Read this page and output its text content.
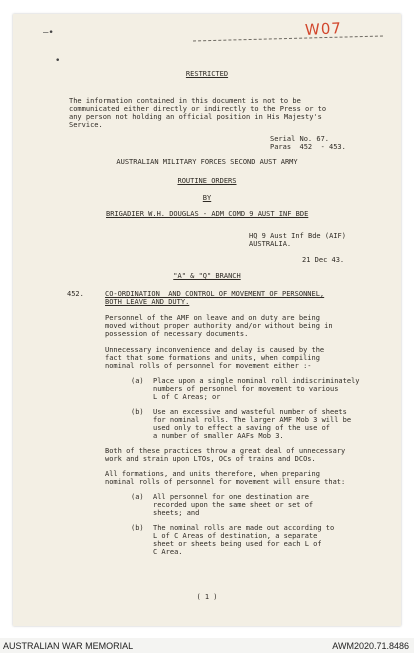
–•
•
W07
RESTRICTED
The information contained in this document is not to be
communicated either directly or indirectly to the Press or to
any person not holding an official position in His Majesty's
Service.
Serial No. 67.
Paras  452  - 453.
AUSTRALIAN MILITARY FORCES SECOND AUST ARMY
ROUTINE ORDERS
BY
BRIGADIER W.H. DOUGLAS - ADM COMD 9 AUST INF BDE
HQ 9 Aust Inf Bde (AIF)
AUSTRALIA.
21 Dec 43.
"A" & "Q" BRANCH
452.	CO-ORDINATION  AND CONTROL OF MOVEMENT OF PERSONNEL,
BOTH LEAVE AND DUTY.
Personnel of the AMF on leave and on duty are being
moved without proper authority and/or without being in
possession of necessary documents.
Unnecessary inconvenience and delay is caused by the
fact that some formations and units, when compiling
nominal rolls of personnel for movement either :-
(a) Place upon a single nominal roll indiscriminately
numbers of personnel for movement to various
L of C Areas; or
(b) Use an excessive and wasteful number of sheets
for nominal rolls. The larger AMF Mob 3 will be
used only to effect a saving of the use of
a number of smaller AAFs Mob 3.
Both of these practices throw a great deal of unnecessary
work and strain upon LTOs, OCs of trains and DCOs.
All formations, and units therefore, when preparing
nominal rolls of personnel for movement will ensure that:
(a) All personnel for one destination are
recorded upon the same sheet or set of
sheets; and
(b) The nominal rolls are made out according to
L of C Areas of destination, a separate
sheet or sheets being used for each L of
C Area.
( 1 )
AUSTRALIAN WAR MEMORIAL	AWM2020.71.8486
